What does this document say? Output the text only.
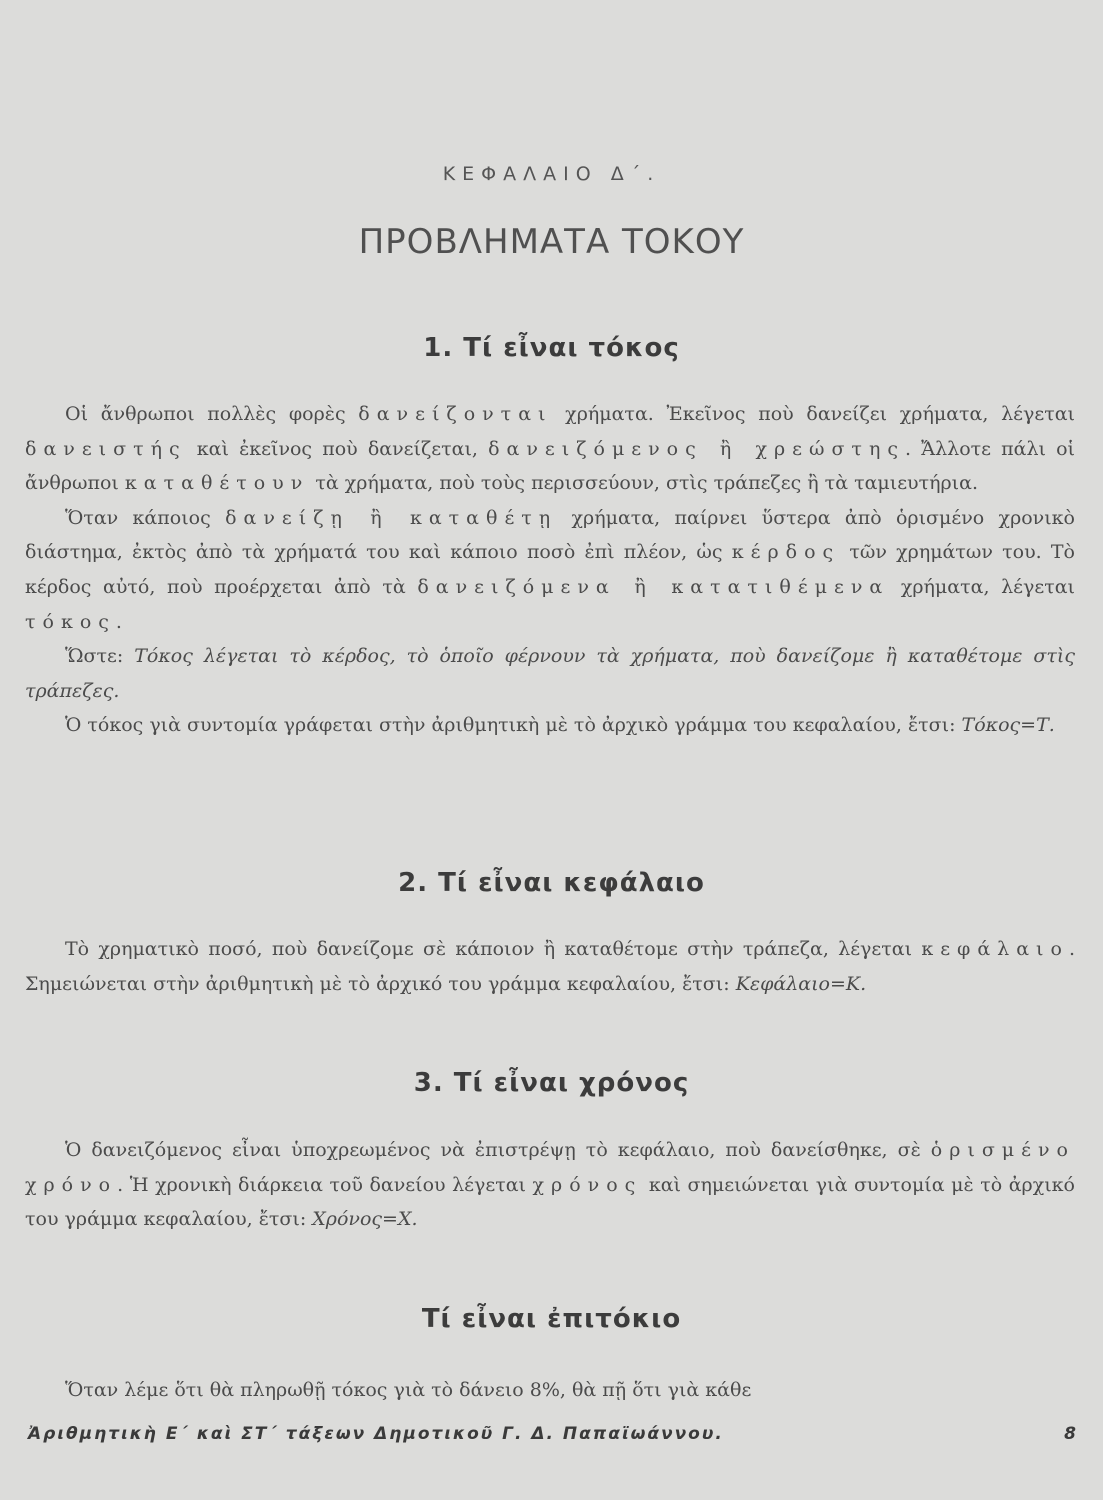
ΚΕΦΑΛΑΙΟ Δ΄.
ΠΡΟΒΛΗΜΑΤΑ ΤΟΚΟΥ
1. Τί εἶναι τόκος

Οἱ ἄνθρωποι πολλὲς φορὲς δανείζονται χρήματα. Ἐκεῖνος ποὺ δανείζει χρήματα, λέγεται δανειστής καὶ ἐκεῖνος ποὺ δανείζεται, δανειζόμενος ἢ χρεώστης. Ἄλλοτε πάλι οἱ ἄνθρωποι καταθέτουν τὰ χρήματα, ποὺ τοὺς περισσεύουν, στὶς τράπεζες ἢ τὰ ταμιευτήρια.

Ὅταν κάποιος δανείζῃ ἢ καταθέτῃ χρήματα, παίρνει ὕστερα ἀπὸ ὁρισμένο χρονικὸ διάστημα, ἐκτὸς ἀπὸ τὰ χρήματά του καὶ κάποιο ποσὸ ἐπὶ πλέον, ὡς κέρδος τῶν χρημάτων του. Τὸ κέρδος αὐτό, ποὺ προέρχεται ἀπὸ τὰ δανειζόμενα ἢ κατατιθέμενα χρήματα, λέγεται τόκος.

Ὥστε: Τόκος λέγεται τὸ κέρδος, τὸ ὁποῖο φέρνουν τὰ χρήματα, ποὺ δανείζομε ἢ καταθέτομε στὶς τράπεζες.

Ὁ τόκος γιὰ συντομία γράφεται στὴν ἀριθμητικὴ μὲ τὸ ἀρχικὸ γράμμα του κεφαλαίου, ἔτσι: Τόκος=Τ.

2. Τί εἶναι κεφάλαιο

Τὸ χρηματικὸ ποσό, ποὺ δανείζομε σὲ κάποιον ἢ καταθέτομε στὴν τράπεζα, λέγεται κεφάλαιο. Σημειώνεται στὴν ἀριθμητικὴ μὲ τὸ ἀρχικό του γράμμα κεφαλαίου, ἔτσι: Κεφάλαιο=Κ.

3. Τί εἶναι χρόνος

Ὁ δανειζόμενος εἶναι ὑποχρεωμένος νὰ ἐπιστρέψῃ τὸ κεφάλαιο, ποὺ δανείσθηκε, σὲ ὁρισμένο χρόνο. Ἡ χρονικὴ διάρκεια τοῦ δανείου λέγεται χρόνος καὶ σημειώνεται γιὰ συντομία μὲ τὸ ἀρχικό του γράμμα κεφαλαίου, ἔτσι: Χρόνος=Χ.

Τί εἶναι ἐπιτόκιο

Ὅταν λέμε ὅτι θὰ πληρωθῇ τόκος γιὰ τὸ δάνειο 8%, θὰ πῇ ὅτι γιὰ κάθε

Ἀριθμητικὴ Ε΄ καὶ ΣΤ΄ τάξεων Δημοτικοῦ Γ. Δ. Παπαϊωάννου.	8
